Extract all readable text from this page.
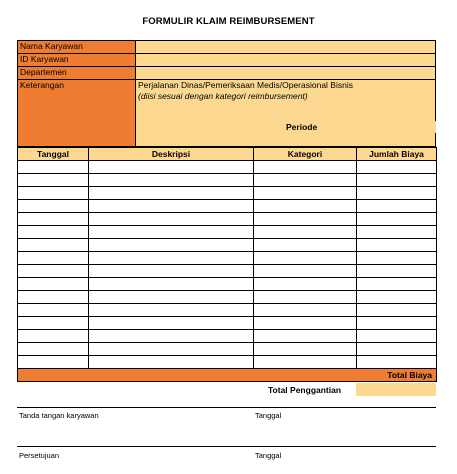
FORMULIR KLAIM REIMBURSEMENT
Nama Karyawan
ID Karyawan
Departemen
Keterangan	Perjalanan Dinas/Pemeriksaan Medis/Operasional Bisnis
(diisi sesuai dengan kategori reimbursement)
Periode
Tanggal	Deskripsi	Kategori	Jumlah Biaya

Total Biaya			
Total Penggantian
Tanda tangan karyawan	Tanggal
Persetujuan	Tanggal
